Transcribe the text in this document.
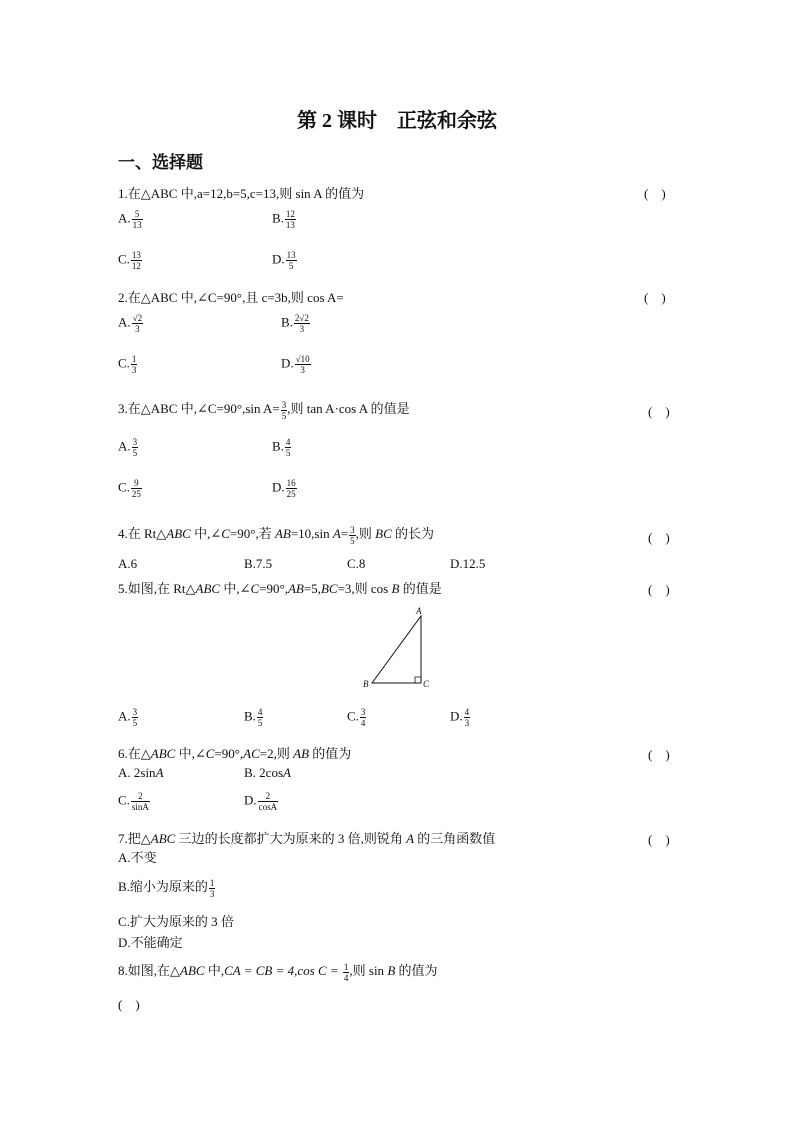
第 2 课时　正弦和余弦
一、选择题
1.在△ABC 中,a=12,b=5,c=13,则 sin A 的值为	(　)
A. $\frac{5}{13}$	B. $\frac{12}{13}$
C. $\frac{13}{12}$	D. $\frac{13}{5}$
2.在△ABC 中,∠C=90°,且 c=3b,则 cos A=	(　)
A. $\frac{√2}{3}$	B. $\frac{2√2}{3}$
C. $\frac{1}{3}$	D. $\frac{√10}{3}$
3.在△ABC 中,∠C=90°,sin $A= \frac{3}{5}$ ,则 tan A·cos A 的值是	(　)
A. $\frac{3}{5}$	B. $\frac{4}{5}$
C. $\frac{9}{25}$	D. $\frac{16}{25}$
4.在 Rt△ABC 中,∠C=90°,若 AB=10,sin $A= \frac{3}{5}$ ,则 BC 的长为	(　)
A.6	B.7.5	C.8	D.12.5
5.如图,在 Rt△ABC 中,∠C=90°,AB=5,BC=3,则 cos B 的值是	(　)
A
B	C
A. $\frac{3}{5}$	B. $\frac{4}{5}$	C. $\frac{3}{4}$	D. $\frac{4}{3}$
6.在△ABC 中,∠C=90°,AC=2,则 AB 的值为	(　)
A. 2sinA	B. 2cosA
C. $\frac{2}{\sin A}$	D. $\frac{2}{\cos A}$
7.把△ABC 三边的长度都扩大为原来的 3 倍,则锐角 A 的三角函数值	(　)
A.不变
B.缩小为原来的 $\frac{1}{3}$
C.扩大为原来的 3 倍
D.不能确定
8.如图,在△ABC 中,CA = CB = 4,cos $C = \frac{1}{4}$ ,则 sin B 的值为
(　)
